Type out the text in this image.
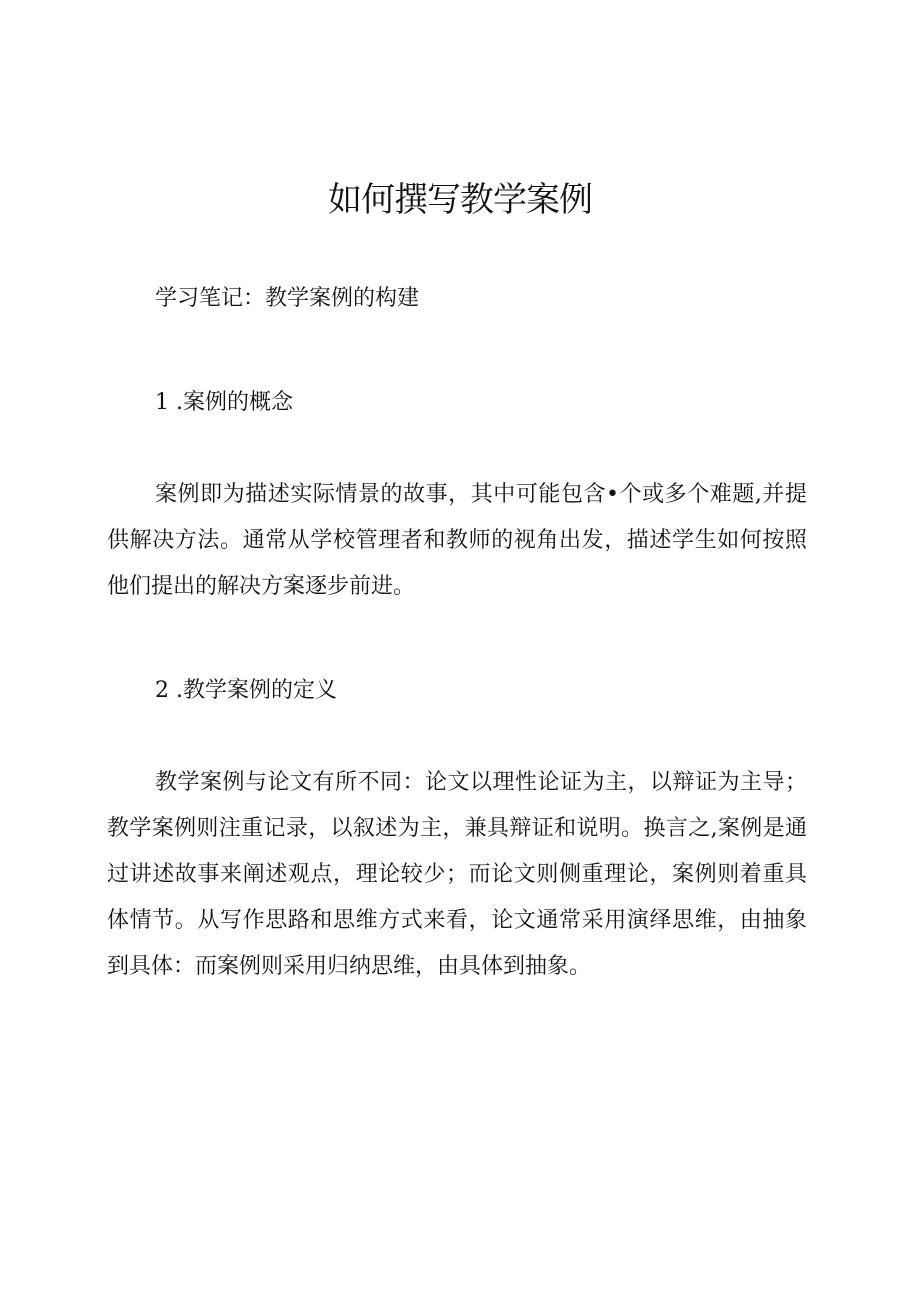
如何撰写教学案例

学习笔记：教学案例的构建

1 .案例的概念

案例即为描述实际情景的故事，其中可能包含•个或多个难题,并提供解决方法。通常从学校管理者和教师的视角出发，描述学生如何按照他们提出的解决方案逐步前进。

2 .教学案例的定义

教学案例与论文有所不同：论文以理性论证为主，以辩证为主导；教学案例则注重记录，以叙述为主，兼具辩证和说明。换言之,案例是通过讲述故事来阐述观点，理论较少；而论文则侧重理论，案例则着重具体情节。从写作思路和思维方式来看，论文通常采用演绎思维，由抽象到具体：而案例则采用归纳思维，由具体到抽象。
